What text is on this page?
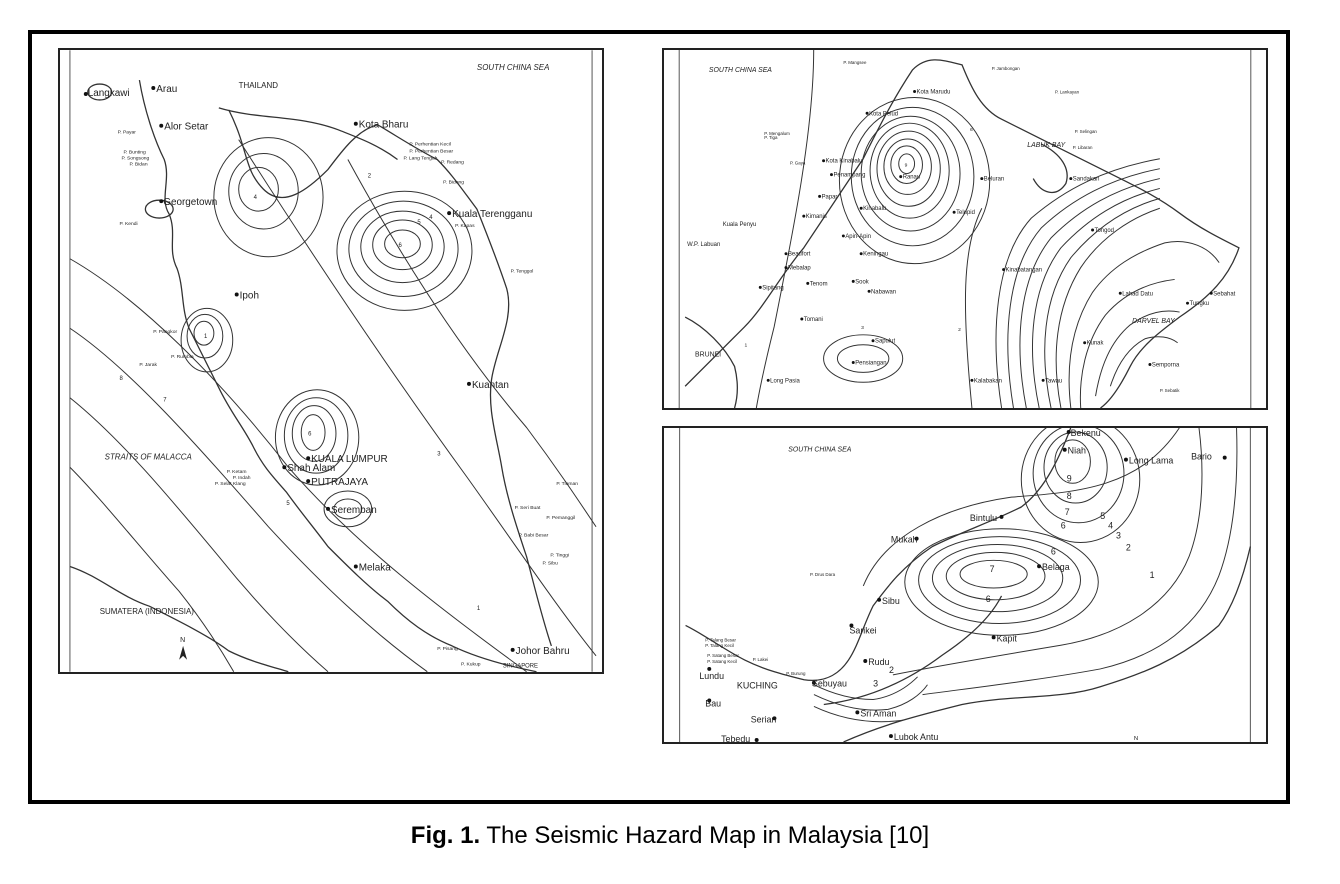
SOUTH CHINA SEA
THAILAND
STRAITS OF MALACCA
SUMATERA (INDONESIA)
Langkawi	Arau
Alor Setar	Kota Bharu
Georgetown
Kuala Terengganu
Ipoh
Kuantan
Shah Alam
KUALA LUMPUR
PUTRAJAYA
Seremban
Melaka
Johor Bahru
P. Perhentian Kecil
P. Perhentian Besar
P. Lang Tengah
P. Redang
P. Bidong
P. Kapas
P. Tenggol
P. Pangkor
P. Jarak
P. Rumbia
P. Tioman
P. Seri Buat
P. Pemanggil
P. Babi Besar
P. Tinggi
P. Sibu
P. Pisang
P. Kukup
P. Payar
P. Bunting
P. Songsong
P. Bidan
P. Kendi
P. Ketam
P. Indah
P. Selat Klang
2
6
5
4
6
4
1
8
7
3
1
5
N
SINGAPORE
SOUTH CHINA SEA
LABUK BAY
DARVEL BAY
BRUNEI
Kota Marudu
Kota Belud
Kota Kinabalu
Penampang
Papar
Ranau
Kinabalu
Beluran	Sandakan
Telupid
Kimanis
Apin-Apin
Keningau
Tongod
Kuala Penyu
W.P. Labuan
Beaufort
Mebalap
Tenom	Sook
Nabawan
Pensiangan
Sipitang
Tomani
Kinabatangan
Lahad Datu
Tungku
Sebahat
Kunak
Semporna
Tawau
Kalabakan
Sapulut
Long Pasia
P. Mangsee
P. Jambongan
P. Tiga
P. Lankayan
P. Mengalum
P. Gaya
P. Libaran
P. Selingan
P. Sebatik
9
6
3	2
1
SOUTH CHINA SEA
Bekenu
Niah
Long Lama Bario
Bintulu
Mukah
Belaga
Sibu
Sarikei
Kapit
Rudu
Lundu
KUCHING
Bau
Serian
Sebuyau
Sri Aman
Tebedu	Lubok Antu
P. Drus Dara
P. Talang Besar
P. Talang Kecil
P. Satang Besar
P. Satang Kecil
P. Burung
P. Lakei
9
8
7
6
6
7
6
5
4
3
2
1
2
3
N
Fig. 1. The Seismic Hazard Map in Malaysia [10]
